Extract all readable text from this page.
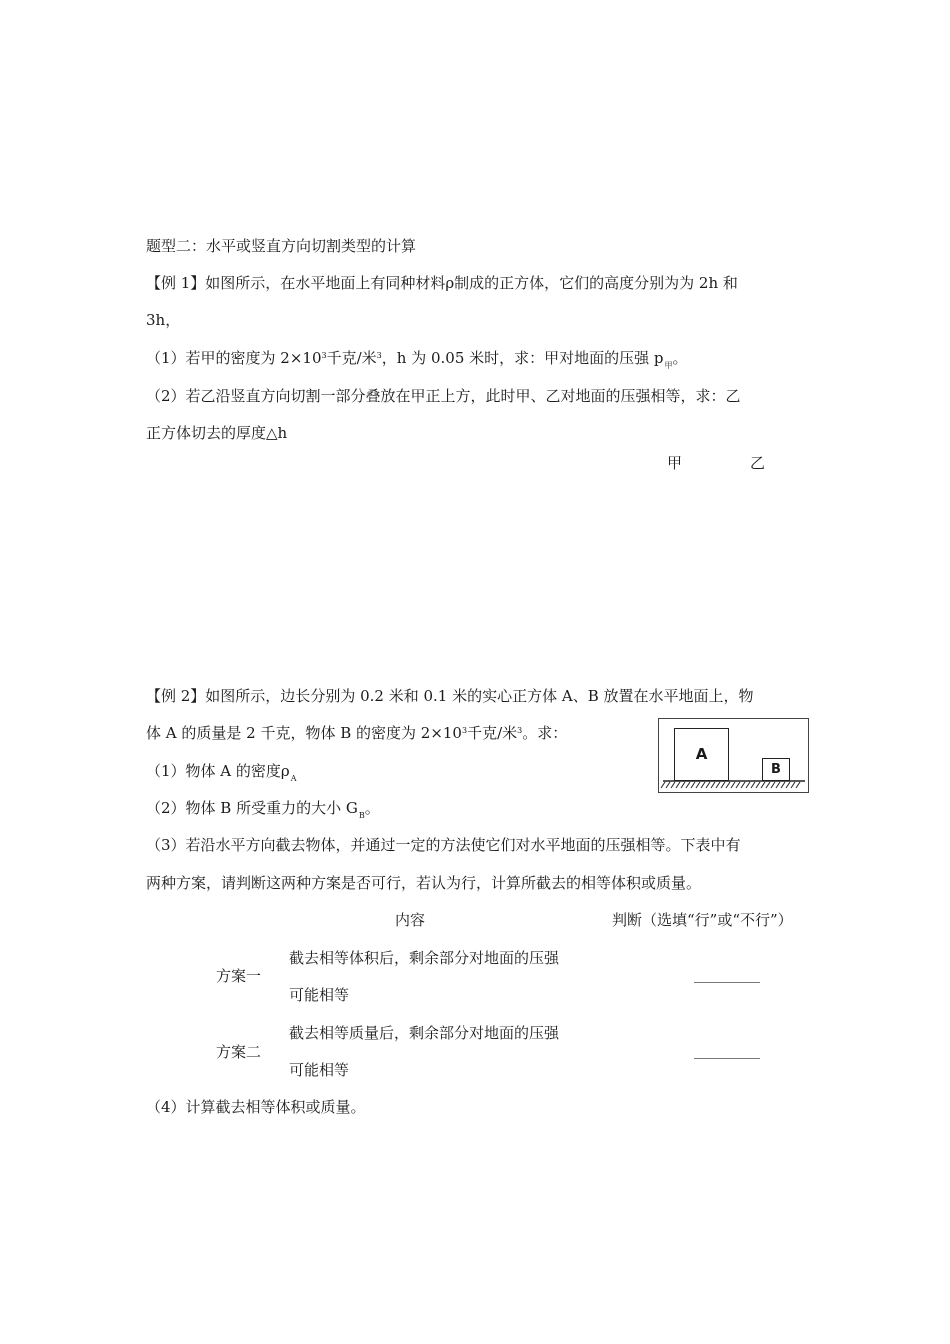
题型二：水平或竖直方向切割类型的计算
【例 1】如图所示，在水平地面上有同种材料ρ制成的正方体，它们的高度分别为为 2h 和
3h，
（1）若甲的密度为 $2\times 10^3$千克/米$^3$，h 为 0.05 米时，求：甲对地面的压强 $p_甲$。
（2）若乙沿竖直方向切割一部分叠放在甲正上方，此时甲、乙对地面的压强相等，求：乙
正方体切去的厚度△h
甲	乙
【例 2】如图所示，边长分别为 0.2 米和 0.1 米的实心正方体 A、B 放置在水平地面上，物
体 A 的质量是 2 千克，物体 B 的密度为 $2\times 10^3$千克/米$^3$。求：
（1）物体 A 的密度$\rho_A$
（2）物体 B 所受重力的大小 $G_B$。
（3）若沿水平方向截去物体，并通过一定的方法使它们对水平地面的压强相等。下表中有
两种方案，请判断这两种方案是否可行，若认为行，计算所截去的相等体积或质量。
A
B
内容	判断（选填“行”或“不行”）
方案一
截去相等体积后，剩余部分对地面的压强
可能相等
方案二
截去相等质量后，剩余部分对地面的压强
可能相等
（4）计算截去相等体积或质量。
